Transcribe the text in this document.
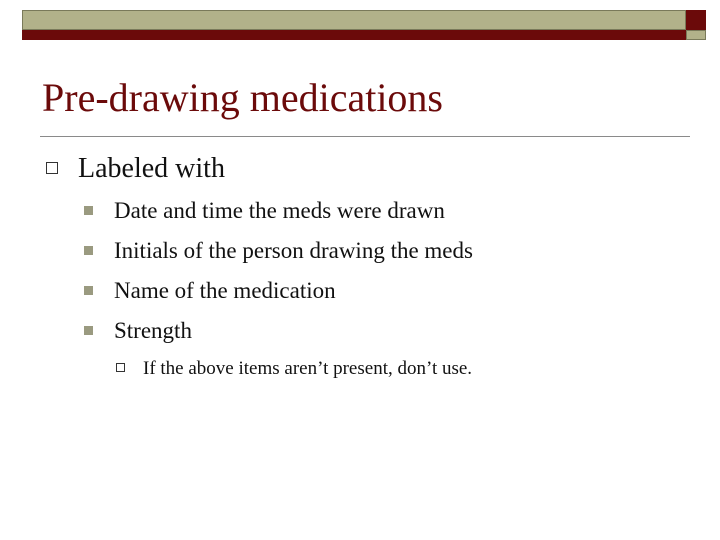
Pre-drawing medications
Labeled with
Date and time the meds were drawn
Initials of the person drawing the meds
Name of the medication
Strength
If the above items aren’t present, don’t use.
